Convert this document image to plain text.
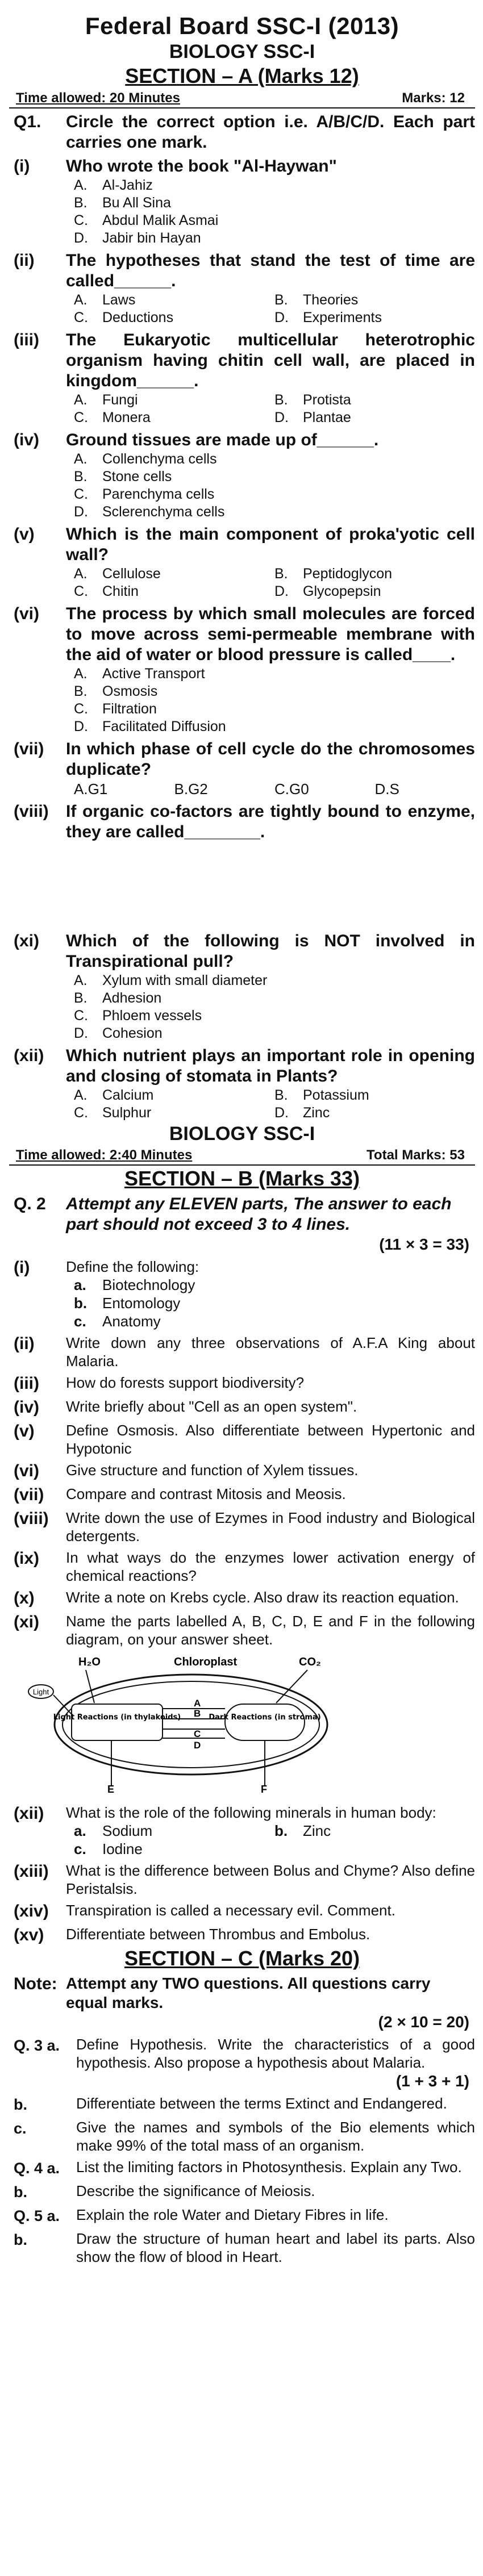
Federal Board SSC-I (2013)
BIOLOGY SSC-I
SECTION – A (Marks 12)
Time allowed: 20 Minutes	Marks: 12
Q1.	Circle the correct option i.e. A/B/C/D. Each part carries one mark.
(i)	Who wrote the book "Al-Haywan"
A.	Al-Jahiz
B.	Bu All Sina
C.	Abdul Malik Asmai
D.	Jabir bin Hayan
(ii)	The hypotheses that stand the test of time are called______.
A.	Laws	B.	Theories
C.	Deductions	D.	Experiments
(iii)	The Eukaryotic multicellular heterotrophic organism having chitin cell wall, are placed in kingdom______.
A.	Fungi	B.	Protista
C.	Monera	D.	Plantae
(iv)	Ground tissues are made up of______.
A.	Collenchyma cells
B.	Stone cells
C.	Parenchyma cells
D.	Sclerenchyma cells
(v)	Which is the main component of proka'yotic cell wall?
A.	Cellulose	B.	Peptidoglycon
C.	Chitin	D.	Glycopepsin
(vi)	The process by which small molecules are forced to move across semi-permeable membrane with the aid of water or blood pressure is called____.
A.	Active Transport
B.	Osmosis
C.	Filtration
D.	Facilitated Diffusion
(vii)	In which phase of cell cycle do the chromosomes duplicate?
A.G1	B.G2	C.G0	D.S
(viii)	If organic co-factors are tightly bound to enzyme, they are called________.
(xi)	Which of the following is NOT involved in Transpirational pull?
A.	Xylum with small diameter
B.	Adhesion
C.	Phloem vessels
D.	Cohesion
(xii)	Which nutrient plays an important role in opening and closing of stomata in Plants?
A.	Calcium	B.	Potassium
C.	Sulphur	D.	Zinc
BIOLOGY SSC-I
Time allowed: 2:40 Minutes	Total Marks: 53
SECTION – B (Marks 33)
Q. 2	Attempt any ELEVEN parts, The answer to each part should not exceed 3 to 4 lines.
(11 × 3 = 33)
(i)	Define the following:
a.	Biotechnology
b.	Entomology
c.	Anatomy
(ii)	Write down any three observations of A.F.A King about Malaria.
(iii)	How do forests support biodiversity?
(iv)	Write briefly about "Cell as an open system".
(v)	Define Osmosis. Also differentiate between Hypertonic and Hypotonic
(vi)	Give structure and function of Xylem tissues.
(vii)	Compare and contrast Mitosis and Meosis.
(viii)	Write down the use of Ezymes in Food industry and Biological detergents.
(ix)	In what ways do the enzymes lower activation energy of chemical reactions?
(x)	Write a note on Krebs cycle. Also draw its reaction equation.
(xi)	Name the parts labelled A, B, C, D, E and F in the following diagram, on your answer sheet.
Light Reactions (in thylakoids)	Dark Reactions (in stroma)
H₂O	Chloroplast	CO₂
Light
A
B
C
D
E	F
(xii)	What is the role of the following minerals in human body:
a.	Sodium	b.	Zinc
c.	Iodine
(xiii)	What is the difference between Bolus and Chyme? Also define Peristalsis.
(xiv)	Transpiration is called a necessary evil. Comment.
(xv)	Differentiate between Thrombus and Embolus.
SECTION – C (Marks 20)
Note: Attempt any TWO questions. All questions carry equal marks.
(2 × 10 = 20)
Q. 3 a.	Define Hypothesis. Write the characteristics of a good hypothesis. Also propose a hypothesis about Malaria.
(1 + 3 + 1)
b.	Differentiate between the terms Extinct and Endangered.
c.	Give the names and symbols of the Bio elements which make 99% of the total mass of an organism.
Q. 4 a.	List the limiting factors in Photosynthesis. Explain any Two.
b.	Describe the significance of Meiosis.
Q. 5 a.	Explain the role Water and Dietary Fibres in life.
b.	Draw the structure of human heart and label its parts. Also show the flow of blood in Heart.
